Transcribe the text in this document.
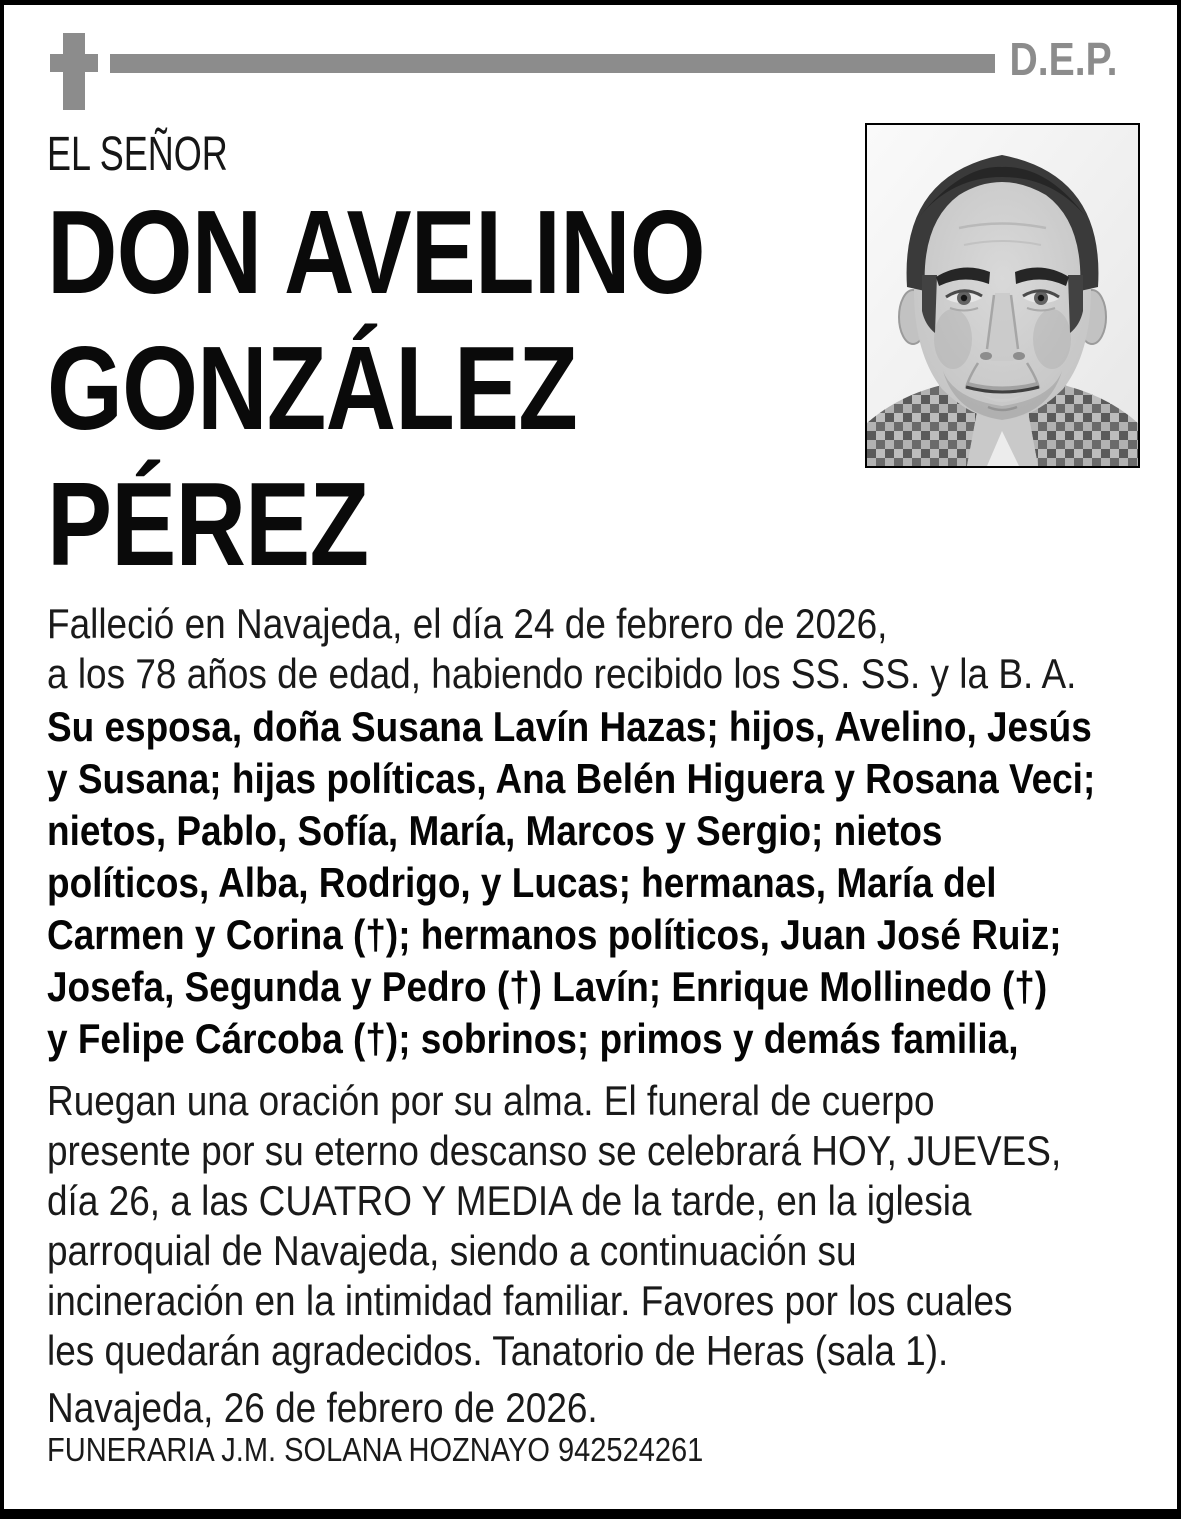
D.E.P.
EL SEÑOR
DON AVELINO
GONZÁLEZ
PÉREZ
Falleció en Navajeda, el día 24 de febrero de 2026,
a los 78 años de edad, habiendo recibido los SS. SS. y la B. A.
Su esposa, doña Susana Lavín Hazas; hijos, Avelino, Jesús
y Susana; hijas políticas, Ana Belén Higuera y Rosana Veci;
nietos, Pablo, Sofía, María, Marcos y Sergio; nietos
políticos, Alba, Rodrigo, y Lucas; hermanas, María del
Carmen y Corina (†); hermanos políticos, Juan José Ruiz;
Josefa, Segunda y Pedro (†) Lavín; Enrique Mollinedo (†)
y Felipe Cárcoba (†); sobrinos; primos y demás familia,
Ruegan una oración por su alma. El funeral de cuerpo
presente por su eterno descanso se celebrará HOY, JUEVES,
día 26, a las CUATRO Y MEDIA de la tarde, en la iglesia
parroquial de Navajeda, siendo a continuación su
incineración en la intimidad familiar. Favores por los cuales
les quedarán agradecidos. Tanatorio de Heras (sala 1).
Navajeda, 26 de febrero de 2026.
FUNERARIA J.M. SOLANA HOZNAYO 942524261
